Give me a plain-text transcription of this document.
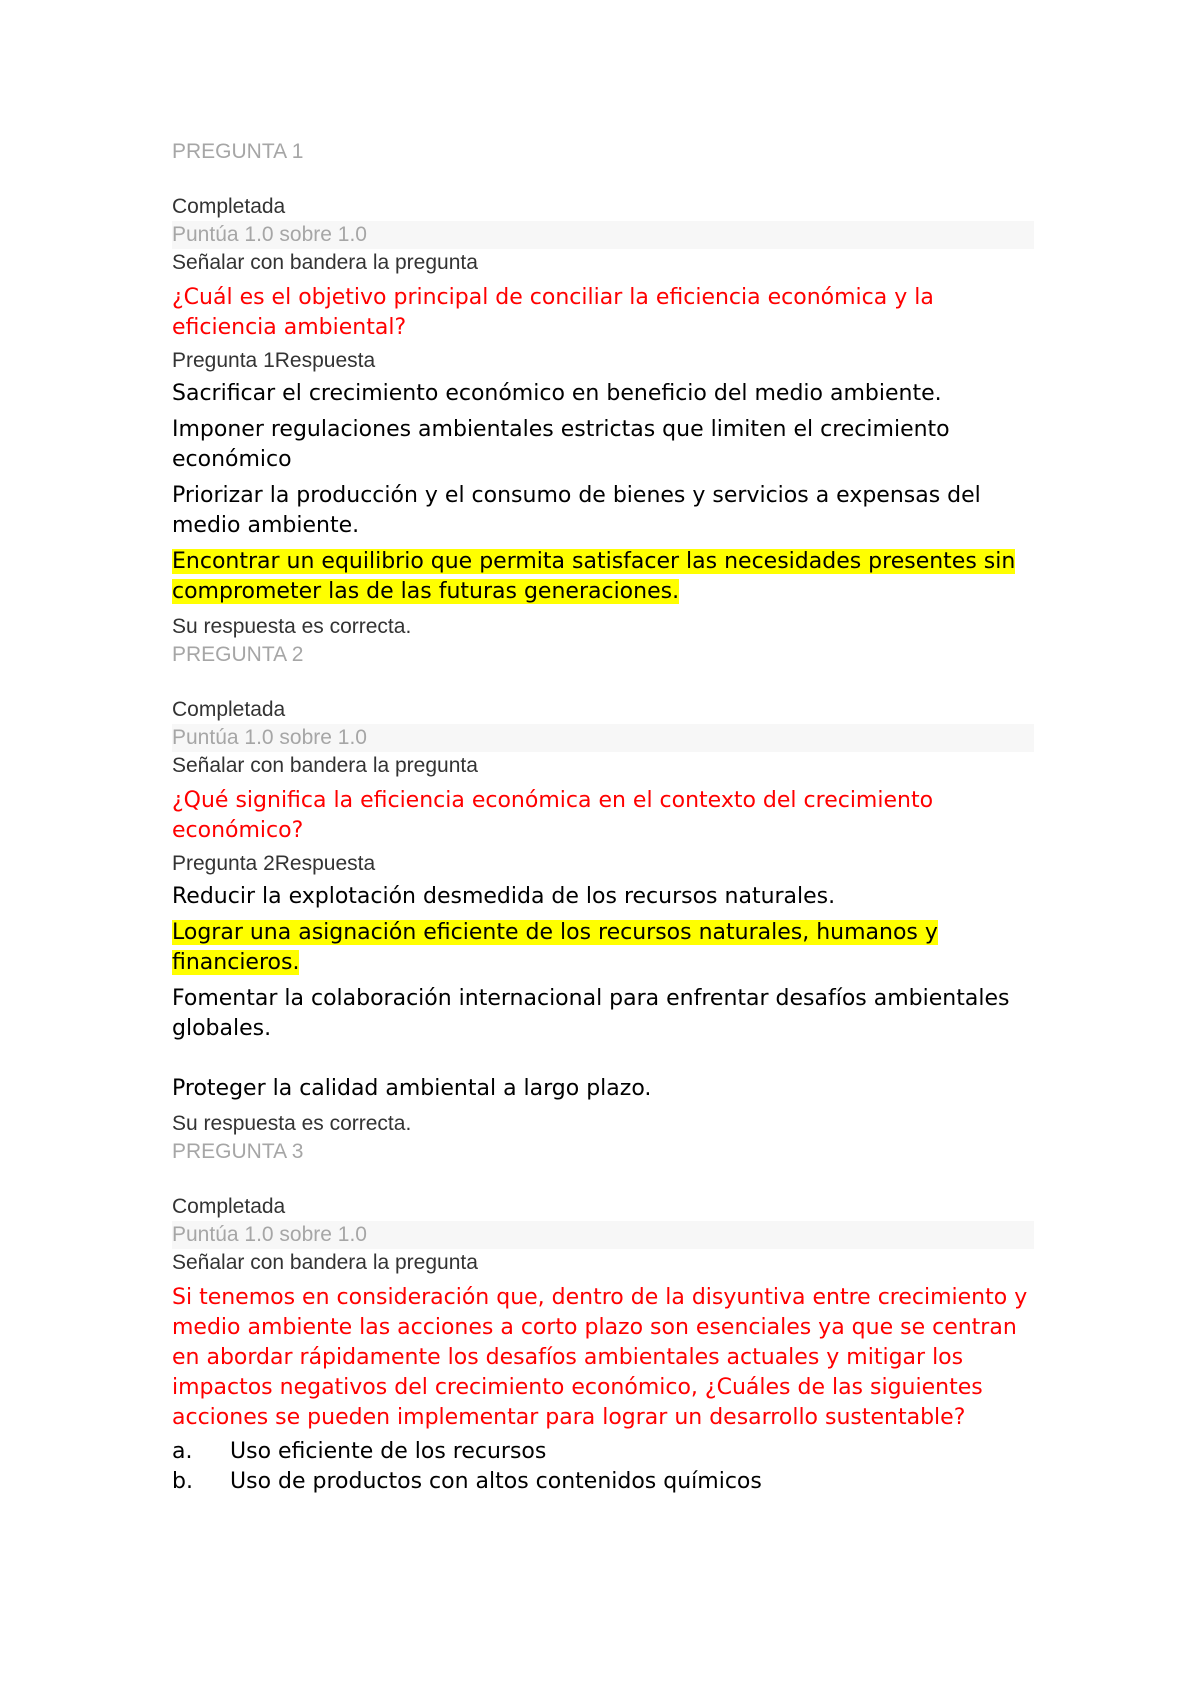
PREGUNTA 1
Completada
Puntúa 1.0 sobre 1.0
Señalar con bandera la pregunta
¿Cuál es el objetivo principal de conciliar la eficiencia económica y la eficiencia ambiental?
Pregunta 1Respuesta
Sacrificar el crecimiento económico en beneficio del medio ambiente.
Imponer regulaciones ambientales estrictas que limiten el crecimiento económico
Priorizar la producción y el consumo de bienes y servicios a expensas del medio ambiente.
Encontrar un equilibrio que permita satisfacer las necesidades presentes sin comprometer las de las futuras generaciones.
Su respuesta es correcta.
PREGUNTA 2
Completada
Puntúa 1.0 sobre 1.0
Señalar con bandera la pregunta
¿Qué significa la eficiencia económica en el contexto del crecimiento económico?
Pregunta 2Respuesta
Reducir la explotación desmedida de los recursos naturales.
Lograr una asignación eficiente de los recursos naturales, humanos y financieros.
Fomentar la colaboración internacional para enfrentar desafíos ambientales globales.
Proteger la calidad ambiental a largo plazo.
Su respuesta es correcta.
PREGUNTA 3
Completada
Puntúa 1.0 sobre 1.0
Señalar con bandera la pregunta
Si tenemos en consideración que, dentro de la disyuntiva entre crecimiento y medio ambiente las acciones a corto plazo son esenciales ya que se centran en abordar rápidamente los desafíos ambientales actuales y mitigar los impactos negativos del crecimiento económico, ¿Cuáles de las siguientes acciones se pueden implementar para lograr un desarrollo sustentable?
a.	Uso eficiente de los recursos
b.	Uso de productos con altos contenidos químicos
